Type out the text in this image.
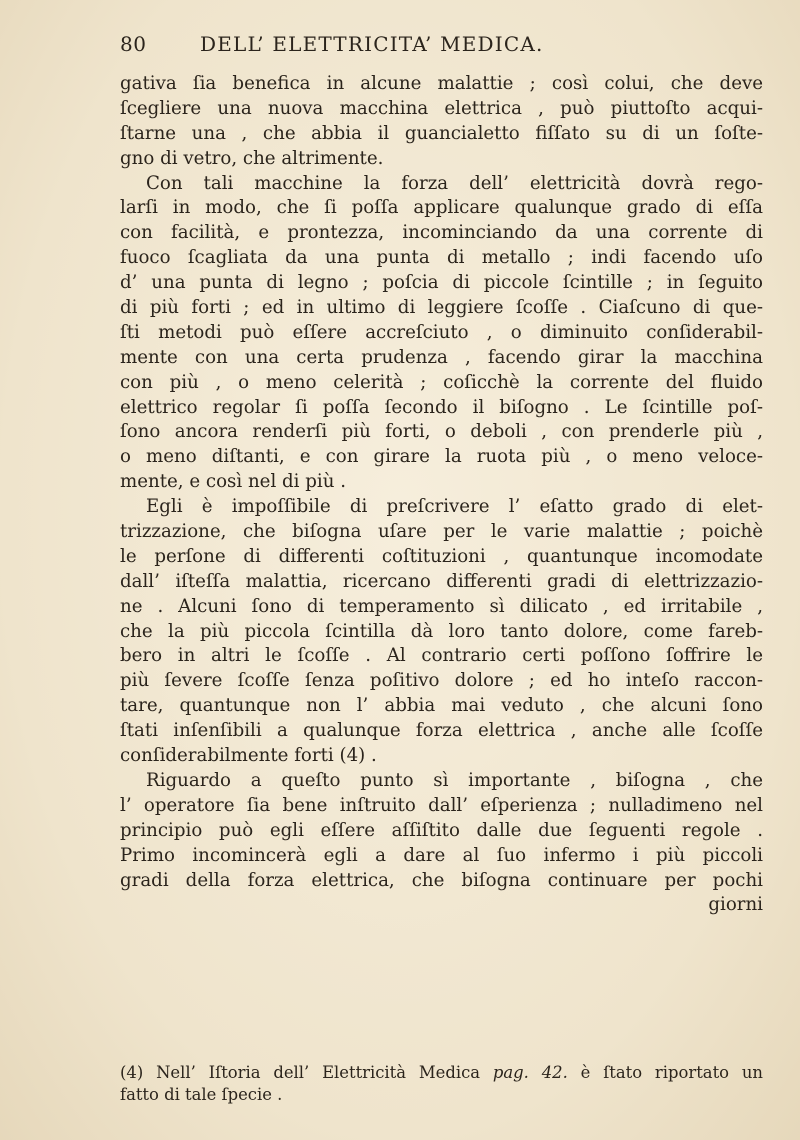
80	DELL’ ELETTRICITA’ MEDICA.
gativa ſia benefica in alcune malattie ; così colui, che deve
ſcegliere una nuova macchina elettrica , può piuttoſto acqui-
ſtarne una , che abbia il guancialetto fiſſato su di un ſoſte-
gno di vetro, che altrimente.
Con tali macchine la forza dell’ elettricità dovrà rego-
larſi in modo, che ſi poſſa applicare qualunque grado di eſſa
con facilità, e prontezza, incominciando da una corrente di
fuoco ſcagliata da una punta di metallo ; indi facendo uſo
d’ una punta di legno ; poſcia di piccole ſcintille ; in ſeguito
di più forti ; ed in ultimo di leggiere ſcoſſe . Ciaſcuno di que-
ſti metodi può eſſere accreſciuto , o diminuito conſiderabil-
mente con una certa prudenza , facendo girar la macchina
con più , o meno celerità ; coſicchè la corrente del fluido
elettrico regolar ſi poſſa ſecondo il biſogno . Le ſcintille poſ-
ſono ancora renderſi più forti, o deboli , con prenderle più ,
o meno diſtanti, e con girare la ruota più , o meno veloce-
mente, e così nel di più .
Egli è impoſſibile di preſcrivere l’ eſatto grado di elet-
trizzazione, che biſogna uſare per le varie malattie ; poichè
le perſone di differenti coſtituzioni , quantunque incomodate
dall’ iſteſſa malattia, ricercano differenti gradi di elettrizzazio-
ne . Alcuni ſono di temperamento sì dilicato , ed irritabile ,
che la più piccola ſcintilla dà loro tanto dolore, come fareb-
bero in altri le ſcoſſe . Al contrario certi poſſono ſoffrire le
più ſevere ſcoſſe ſenza poſitivo dolore ; ed ho inteſo raccon-
tare, quantunque non l’ abbia mai veduto , che alcuni ſono
ſtati inſenſibili a qualunque forza elettrica , anche alle ſcoſſe
conſiderabilmente forti (4) .
Riguardo a queſto punto sì importante , biſogna , che
l’ operatore ſia bene inſtruito dall’ eſperienza ; nulladimeno nel
principio può egli eſſere aſſiſtito dalle due ſeguenti regole .
Primo incomincerà egli a dare al ſuo infermo i più piccoli
gradi della forza elettrica, che biſogna continuare per pochi
giorni
(4) Nell’ Iſtoria dell’ Elettricità Medica pag. 42. è ſtato riportato un
fatto di tale ſpecie .
